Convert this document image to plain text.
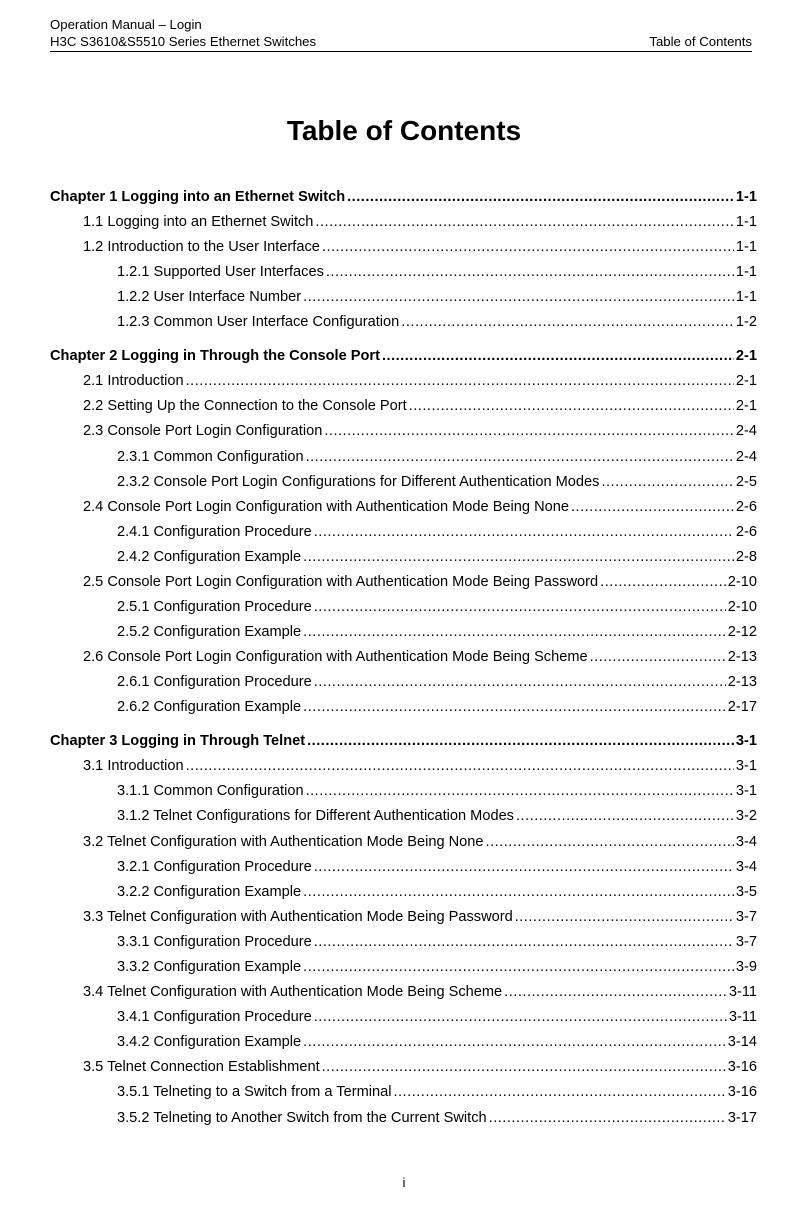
Operation Manual – Login
H3C S3610&S5510 Series Ethernet Switches	Table of Contents
Table of Contents
Chapter 1 Logging into an Ethernet Switch .....	1-1
1.1 Logging into an Ethernet Switch .....	1-1
1.2 Introduction to the User Interface .....	1-1
1.2.1 Supported User Interfaces .....	1-1
1.2.2 User Interface Number .....	1-1
1.2.3 Common User Interface Configuration .....	1-2
Chapter 2 Logging in Through the Console Port .....	2-1
2.1 Introduction .....	2-1
2.2 Setting Up the Connection to the Console Port .....	2-1
2.3 Console Port Login Configuration .....	2-4
2.3.1 Common Configuration .....	2-4
2.3.2 Console Port Login Configurations for Different Authentication Modes .....	2-5
2.4 Console Port Login Configuration with Authentication Mode Being None .....	2-6
2.4.1 Configuration Procedure .....	2-6
2.4.2 Configuration Example .....	2-8
2.5 Console Port Login Configuration with Authentication Mode Being Password .....	2-10
2.5.1 Configuration Procedure .....	2-10
2.5.2 Configuration Example .....	2-12
2.6 Console Port Login Configuration with Authentication Mode Being Scheme .....	2-13
2.6.1 Configuration Procedure .....	2-13
2.6.2 Configuration Example .....	2-17
Chapter 3 Logging in Through Telnet .....	3-1
3.1 Introduction .....	3-1
3.1.1 Common Configuration .....	3-1
3.1.2 Telnet Configurations for Different Authentication Modes .....	3-2
3.2 Telnet Configuration with Authentication Mode Being None .....	3-4
3.2.1 Configuration Procedure .....	3-4
3.2.2 Configuration Example .....	3-5
3.3 Telnet Configuration with Authentication Mode Being Password .....	3-7
3.3.1 Configuration Procedure .....	3-7
3.3.2 Configuration Example .....	3-9
3.4 Telnet Configuration with Authentication Mode Being Scheme .....	3-11
3.4.1 Configuration Procedure .....	3-11
3.4.2 Configuration Example .....	3-14
3.5 Telnet Connection Establishment .....	3-16
3.5.1 Telneting to a Switch from a Terminal .....	3-16
3.5.2 Telneting to Another Switch from the Current Switch .....	3-17
i
